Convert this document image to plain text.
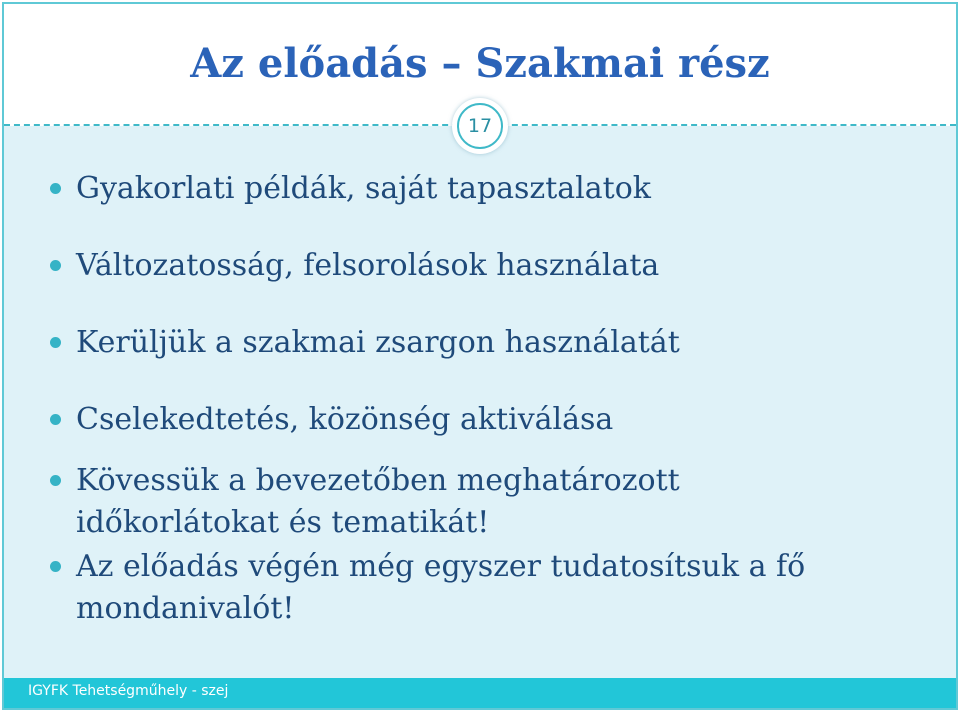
Az előadás – Szakmai rész
17
Gyakorlati példák, saját tapasztalatok
Változatosság, felsorolások használata
Kerüljük a szakmai zsargon használatát
Cselekedtetés, közönség aktiválása
Kövessük a bevezetőben meghatározott időkorlátokat és tematikát!
Az előadás végén még egyszer tudatosítsuk a fő mondanivalót!
IGYFK Tehetségműhely - szej
